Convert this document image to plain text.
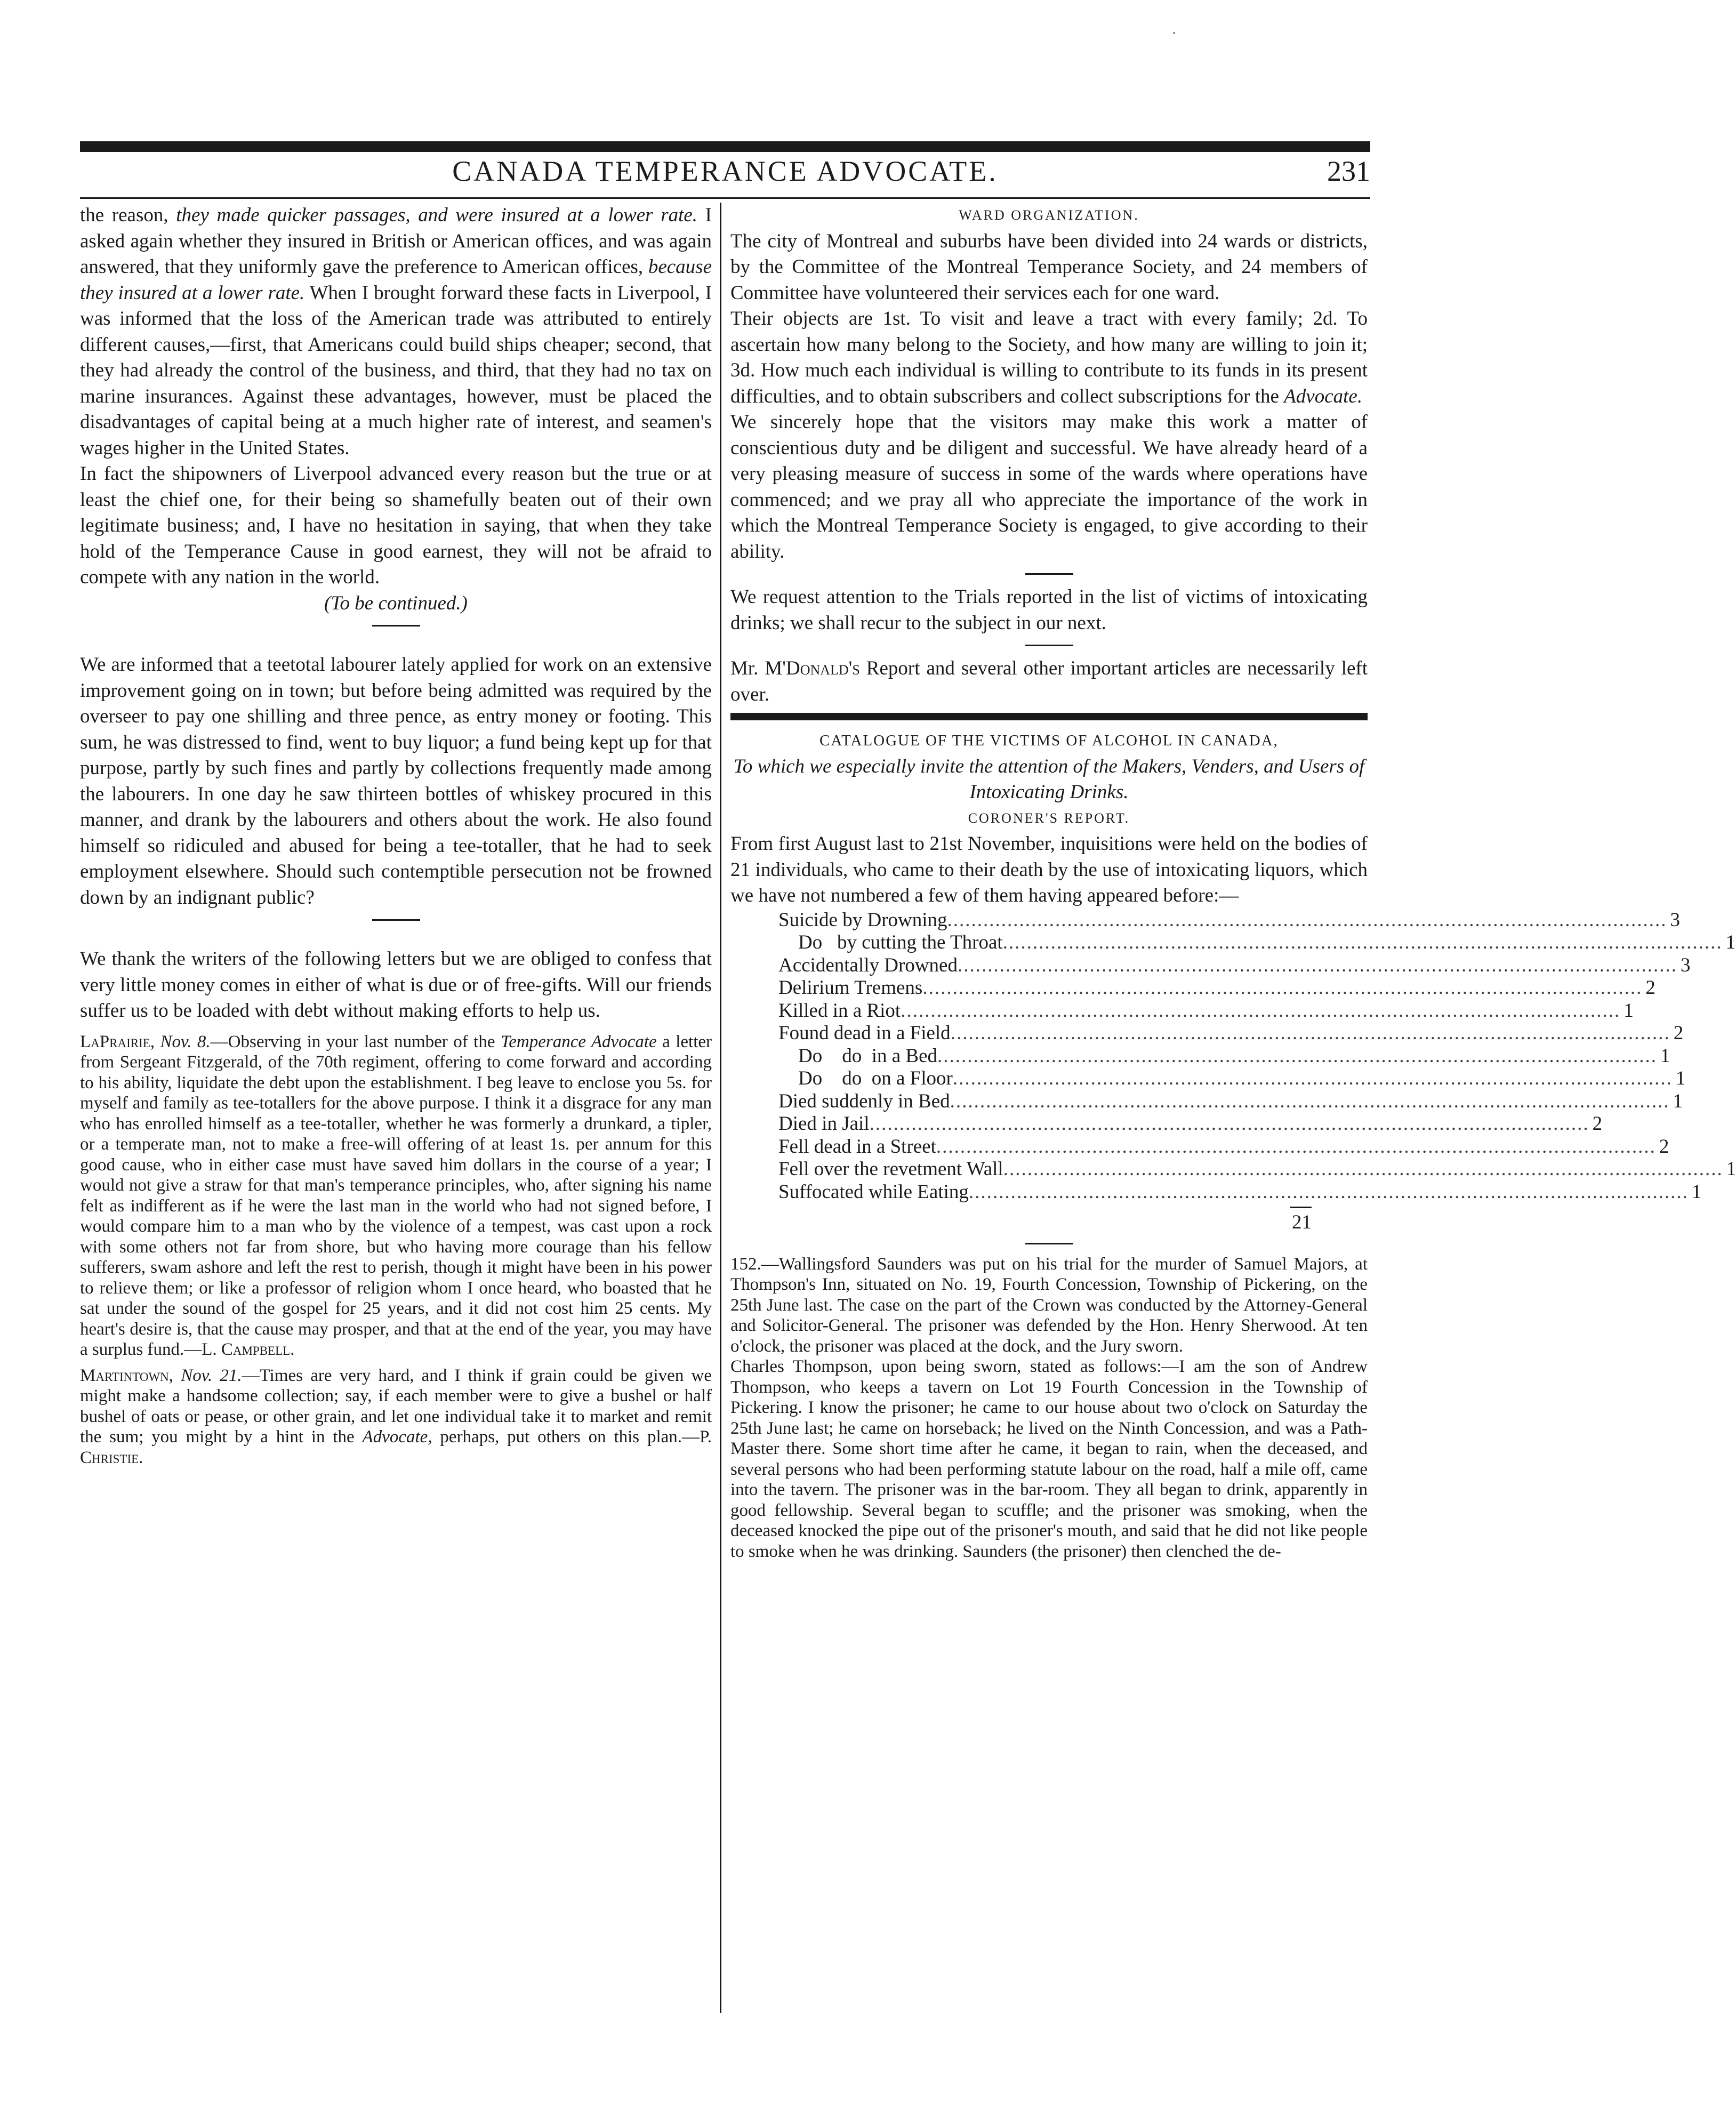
CANADA TEMPERANCE ADVOCATE.	231

the reason, they made quicker passages, and were insured at a lower rate. I asked again whether they insured in British or American offices, and was again answered, that they uniformly gave the preference to American offices, because they insured at a lower rate. When I brought forward these facts in Liverpool, I was informed that the loss of the American trade was attributed to entirely different causes,—first, that Americans could build ships cheaper; second, that they had already the control of the business, and third, that they had no tax on marine insurances. Against these advantages, however, must be placed the disadvantages of capital being at a much higher rate of interest, and seamen's wages higher in the United States.

In fact the shipowners of Liverpool advanced every reason but the true or at least the chief one, for their being so shamefully beaten out of their own legitimate business; and, I have no hesitation in saying, that when they take hold of the Temperance Cause in good earnest, they will not be afraid to compete with any nation in the world.

(To be continued.)

We are informed that a teetotal labourer lately applied for work on an extensive improvement going on in town; but before being admitted was required by the overseer to pay one shilling and three pence, as entry money or footing. This sum, he was distressed to find, went to buy liquor; a fund being kept up for that purpose, partly by such fines and partly by collections frequently made among the labourers. In one day he saw thirteen bottles of whiskey procured in this manner, and drank by the labourers and others about the work. He also found himself so ridiculed and abused for being a tee-totaller, that he had to seek employment elsewhere. Should such contemptible persecution not be frowned down by an indignant public?

We thank the writers of the following letters but we are obliged to confess that very little money comes in either of what is due or of free-gifts. Will our friends suffer us to be loaded with debt without making efforts to help us.

LaPrairie, Nov. 8.—Observing in your last number of the Temperance Advocate a letter from Sergeant Fitzgerald, of the 70th regiment, offering to come forward and according to his ability, liquidate the debt upon the establishment. I beg leave to enclose you 5s. for myself and family as tee-totallers for the above purpose. I think it a disgrace for any man who has enrolled himself as a tee-totaller, whether he was formerly a drunkard, a tipler, or a temperate man, not to make a free-will offering of at least 1s. per annum for this good cause, who in either case must have saved him dollars in the course of a year; I would not give a straw for that man's temperance principles, who, after signing his name felt as indifferent as if he were the last man in the world who had not signed before, I would compare him to a man who by the violence of a tempest, was cast upon a rock with some others not far from shore, but who having more courage than his fellow sufferers, swam ashore and left the rest to perish, though it might have been in his power to relieve them; or like a professor of religion whom I once heard, who boasted that he sat under the sound of the gospel for 25 years, and it did not cost him 25 cents. My heart's desire is, that the cause may prosper, and that at the end of the year, you may have a surplus fund.—L. Campbell.

Martintown, Nov. 21.—Times are very hard, and I think if grain could be given we might make a handsome collection; say, if each member were to give a bushel or half bushel of oats or pease, or other grain, and let one individual take it to market and remit the sum; you might by a hint in the Advocate, perhaps, put others on this plan.—P. Christie.

WARD ORGANIZATION.

The city of Montreal and suburbs have been divided into 24 wards or districts, by the Committee of the Montreal Temperance Society, and 24 members of Committee have volunteered their services each for one ward.

Their objects are 1st. To visit and leave a tract with every family; 2d. To ascertain how many belong to the Society, and how many are willing to join it; 3d. How much each individual is willing to contribute to its funds in its present difficulties, and to obtain subscribers and collect subscriptions for the Advocate.

We sincerely hope that the visitors may make this work a matter of conscientious duty and be diligent and successful. We have already heard of a very pleasing measure of success in some of the wards where operations have commenced; and we pray all who appreciate the importance of the work in which the Montreal Temperance Society is engaged, to give according to their ability.

We request attention to the Trials reported in the list of victims of intoxicating drinks; we shall recur to the subject in our next.

Mr. M'Donald's Report and several other important articles are necessarily left over.

CATALOGUE OF THE VICTIMS OF ALCOHOL IN CANADA,

To which we especially invite the attention of the Makers, Venders, and Users of Intoxicating Drinks.

CORONER'S REPORT.

From first August last to 21st November, inquisitions were held on the bodies of 21 individuals, who came to their death by the use of intoxicating liquors, which we have not numbered a few of them having appeared before:—

Suicide by Drowning ........................................................................................................................ 3
Do   by cutting the Throat ........................................................................................................................ 1
Accidentally Drowned ........................................................................................................................ 3
Delirium Tremens ........................................................................................................................ 2
Killed in a Riot ........................................................................................................................ 1
Found dead in a Field ........................................................................................................................ 2
Do    do  in a Bed ........................................................................................................................ 1
Do    do  on a Floor ........................................................................................................................ 1
Died suddenly in Bed ........................................................................................................................ 1
Died in Jail ........................................................................................................................ 2
Fell dead in a Street ........................................................................................................................ 2
Fell over the revetment Wall ........................................................................................................................ 1
Suffocated while Eating ........................................................................................................................ 1
21

152.—Wallingsford Saunders was put on his trial for the murder of Samuel Majors, at Thompson's Inn, situated on No. 19, Fourth Concession, Township of Pickering, on the 25th June last. The case on the part of the Crown was conducted by the Attorney-General and Solicitor-General. The prisoner was defended by the Hon. Henry Sherwood. At ten o'clock, the prisoner was placed at the dock, and the Jury sworn.

Charles Thompson, upon being sworn, stated as follows:—I am the son of Andrew Thompson, who keeps a tavern on Lot 19 Fourth Concession in the Township of Pickering. I know the prisoner; he came to our house about two o'clock on Saturday the 25th June last; he came on horseback; he lived on the Ninth Concession, and was a Path-Master there. Some short time after he came, it began to rain, when the deceased, and several persons who had been performing statute labour on the road, half a mile off, came into the tavern. The prisoner was in the bar-room. They all began to drink, apparently in good fellowship. Several began to scuffle; and the prisoner was smoking, when the deceased knocked the pipe out of the prisoner's mouth, and said that he did not like people to smoke when he was drinking. Saunders (the prisoner) then clenched the de-
